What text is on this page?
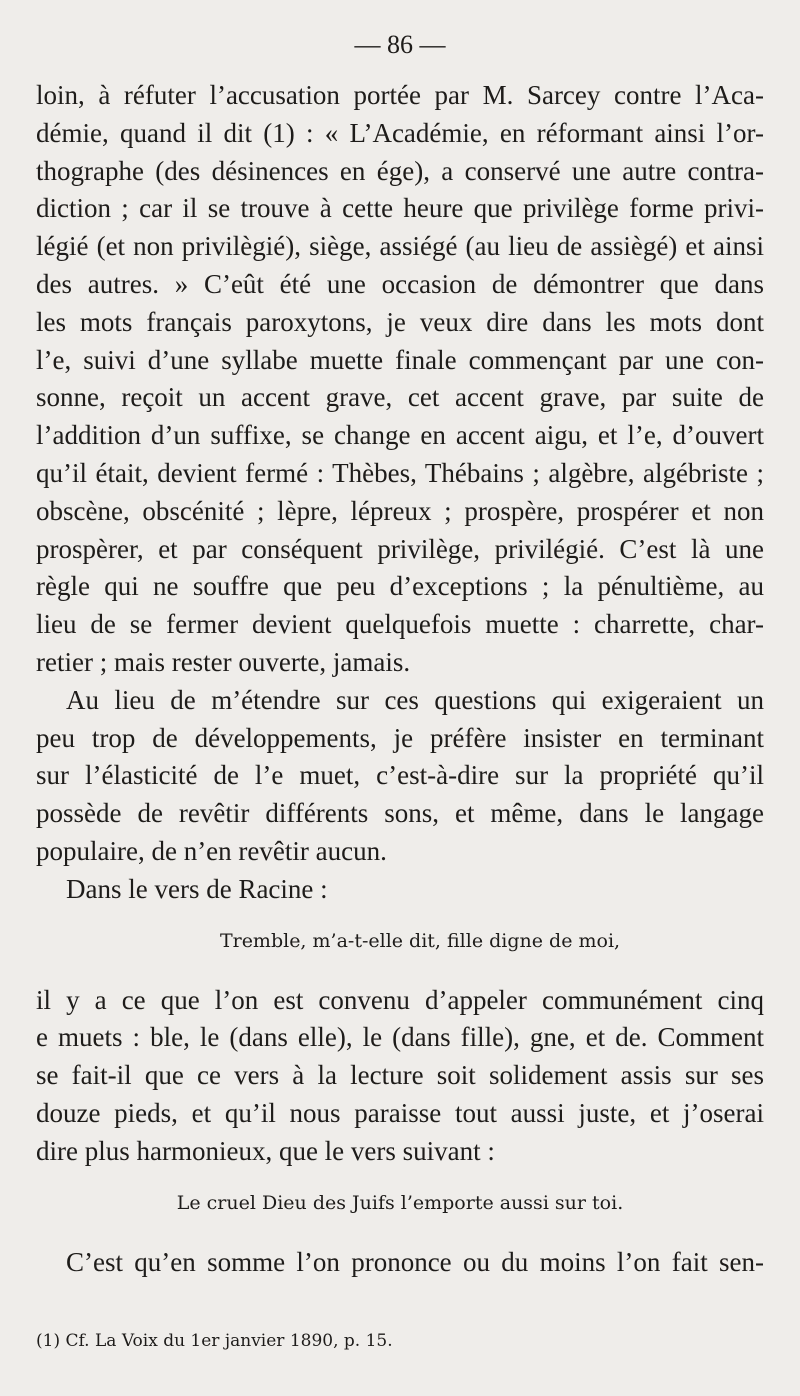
— 86 —
loin, à réfuter l’accusation portée par M. Sarcey contre l’Aca-
démie, quand il dit (1) : « L’Académie, en réformant ainsi l’or-
thographe (des désinences en ége), a conservé une autre contra-
diction ; car il se trouve à cette heure que privilège forme privi-
légié (et non privilègié), siège, assiégé (au lieu de assiègé) et ainsi
des autres. » C’eût été une occasion de démontrer que dans
les mots français paroxytons, je veux dire dans les mots dont
l’e, suivi d’une syllabe muette finale commençant par une con-
sonne, reçoit un accent grave, cet accent grave, par suite de
l’addition d’un suffixe, se change en accent aigu, et l’e, d’ouvert
qu’il était, devient fermé : Thèbes, Thébains ; algèbre, algébriste ;
obscène, obscénité ; lèpre, lépreux ; prospère, prospérer et non
prospèrer, et par conséquent privilège, privilégié. C’est là une
règle qui ne souffre que peu d’exceptions ; la pénultième, au
lieu de se fermer devient quelquefois muette : charrette, char-
retier ; mais rester ouverte, jamais.
Au lieu de m’étendre sur ces questions qui exigeraient un
peu trop de développements, je préfère insister en terminant
sur l’élasticité de l’e muet, c’est-à-dire sur la propriété qu’il
possède de revêtir différents sons, et même, dans le langage
populaire, de n’en revêtir aucun.
Dans le vers de Racine :
Tremble, m’a-t-elle dit, fille digne de moi,
il y a ce que l’on est convenu d’appeler communément cinq
e muets : ble, le (dans elle), le (dans fille), gne, et de. Comment
se fait-il que ce vers à la lecture soit solidement assis sur ses
douze pieds, et qu’il nous paraisse tout aussi juste, et j’oserai
dire plus harmonieux, que le vers suivant :
Le cruel Dieu des Juifs l’emporte aussi sur toi.
C’est qu’en somme l’on prononce ou du moins l’on fait sen-
(1) Cf. La Voix du 1er janvier 1890, p. 15.
